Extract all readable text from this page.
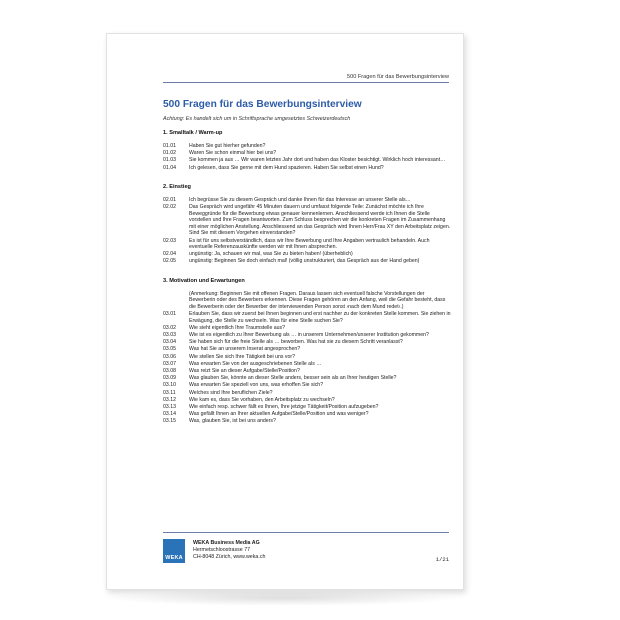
500 Fragen für das Bewerbungsinterview
500 Fragen für das Bewerbungsinterview
Achtung: Es handelt sich um in Schriftsprache umgesetztes Schweizerdeutsch
1. Smalltalk / Warm-up
01.01	Haben Sie gut hierher gefunden?
01.02	Waren Sie schon einmal hier bei uns?
01.03	Sie kommen ja aus … Wir waren letztes Jahr dort und haben das Kloster besichtigt. Wirklich hoch interessant…
01.04	Ich gelesen, dass Sie gerne mit dem Hund spazieren. Haben Sie selbst einen Hund?
2. Einstieg
02.01	Ich begrüsse Sie zu diesem Gespräch und danke Ihnen für das Interesse an unserer Stelle als…
02.02	Das Gespräch wird ungefähr 45 Minuten dauern und umfasst folgende Teile: Zunächst möchte ich Ihre Beweggründe für die Bewerbung etwas genauer kennenlernen. Anschliessend werde ich Ihnen die Stelle vorstellen und Ihre Fragen beantworten. Zum Schluss besprechen wir die konkreten Fragen im Zusammenhang mit einer möglichen Anstellung. Anschliessend an das Gespräch wird Ihnen Herr/Frau XY den Arbeitsplatz zeigen. Sind Sie mit diesem Vorgehen einverstanden?
02.03	Es ist für uns selbstverständlich, dass wir Ihre Bewerbung und Ihre Angaben vertraulich behandeln. Auch eventuelle Referenzauskünfte werden wir mit Ihnen absprechen.
02.04	ungünstig: Ja, schauen wir mal, was Sie zu bieten haben! (überheblich)
02.05	ungünstig: Beginnen Sie doch einfach mal! (völlig unstrukturiert, das Gespräch aus der Hand geben)
3. Motivation und Erwartungen
(Anmerkung: Beginnen Sie mit offenen Fragen. Daraus lassen sich eventuell falsche Vorstellungen der Bewerberin oder des Bewerbers erkennen. Diese Fragen gehören an den Anfang, weil die Gefahr besteht, dass die Bewerberin oder der Bewerber der interviewenden Person sonst ›nach dem Mund redet‹.)
03.01	Erlauben Sie, dass wir zuerst bei Ihnen beginnen und erst nachher zu der konkreten Stelle kommen. Sie ziehen in Erwägung, die Stelle zu wechseln. Was für eine Stelle suchen Sie?
03.02	Wie sieht eigentlich Ihre Traumstelle aus?
03.03	Wie ist es eigentlich zu Ihrer Bewerbung als … in unserem Unternehmen/unserer Institution gekommen?
03.04	Sie haben sich für die freie Stelle als … beworben. Was hat sie zu diesem Schritt veranlasst?
03.05	Was hat Sie an unserem Inserat angesprochen?
03.06	Wie stellen Sie sich Ihre Tätigkeit bei uns vor?
03.07	Was erwarten Sie von der ausgeschriebenen Stelle als …
03.08	Was reizt Sie an dieser Aufgabe/Stelle/Position?
03.09	Was glauben Sie, könnte an dieser Stelle anders, besser sein als an Ihrer heutigen Stelle?
03.10	Was erwarten Sie speziell von uns, was erhoffen Sie sich?
03.11	Welches sind Ihre beruflichen Ziele?
03.12	Wie kam es, dass Sie vorhaben, den Arbeitsplatz zu wechseln?
03.13	Wie einfach resp. schwer fällt es Ihnen, Ihre jetzige Tätigkeit/Position aufzugeben?
03.14	Was gefällt Ihnen an Ihrer aktuellen Aufgabe/Stelle/Position und was weniger?
03.15	Was, glauben Sie, ist bei uns anders?
WEKA
WEKA Business Media AG
Hermetschloostrasse 77
CH-8048 Zürich, www.weka.ch	1/21
